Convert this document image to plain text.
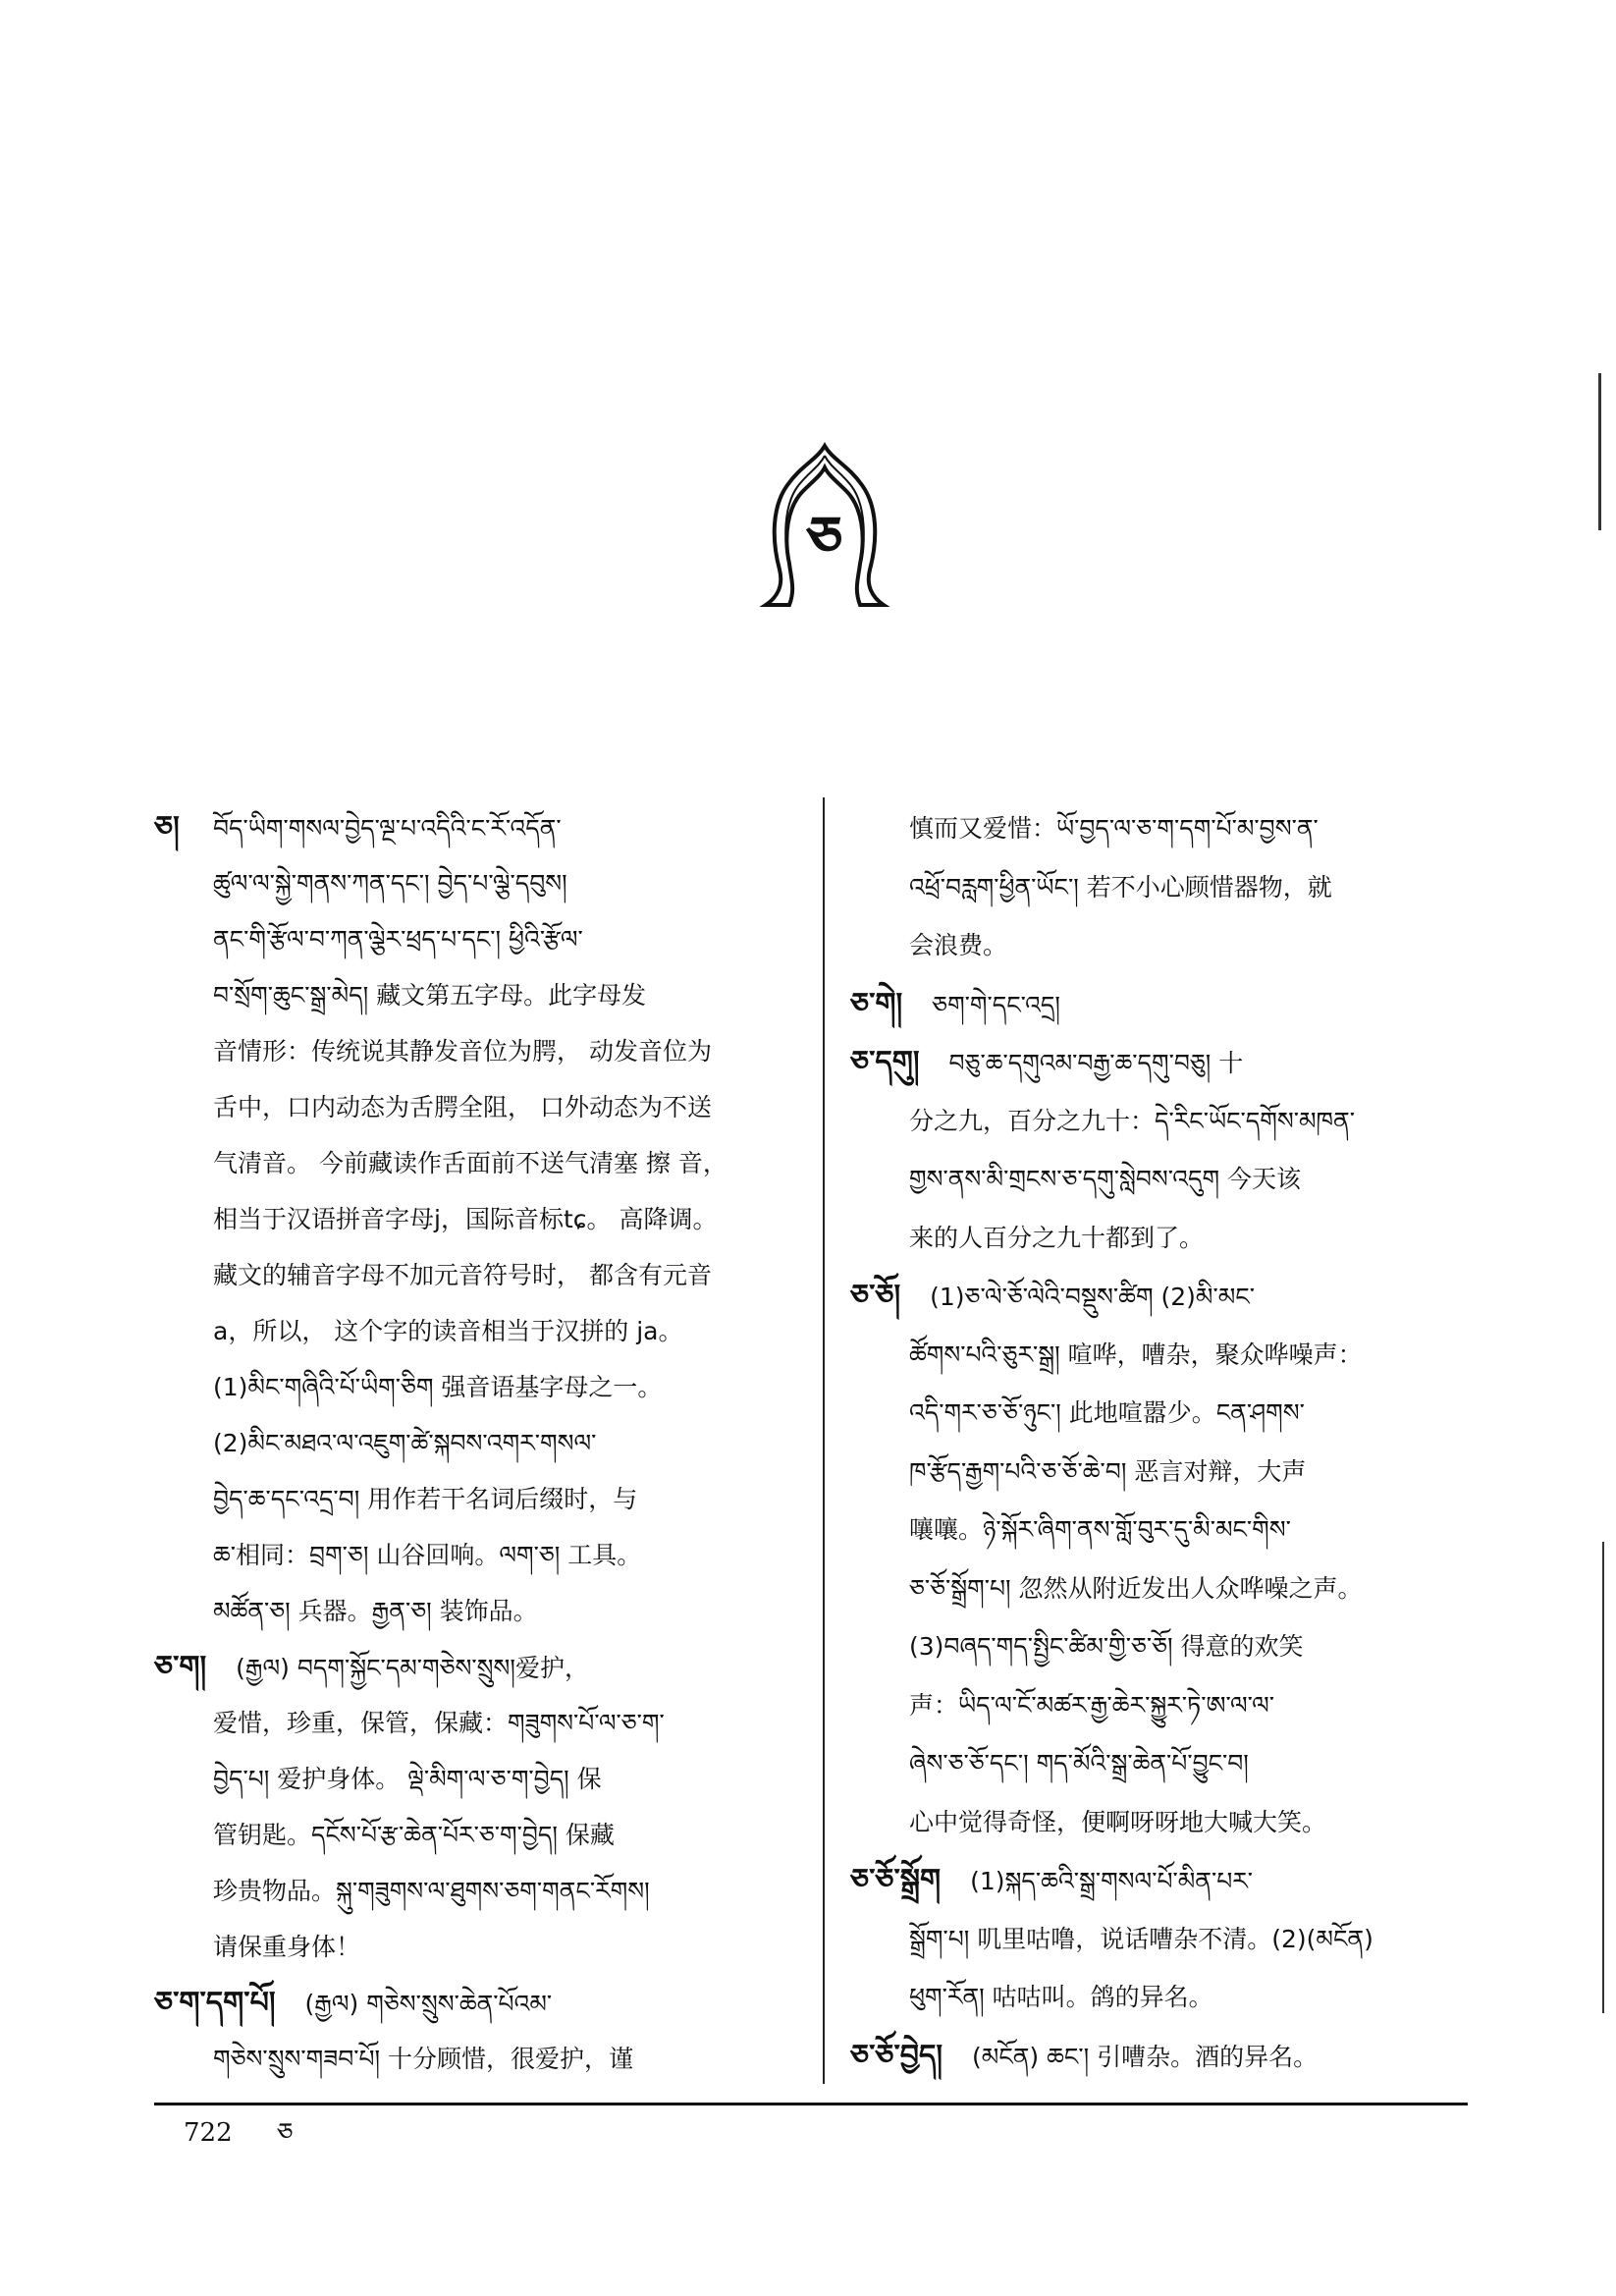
ཅ
ཅ། བོད་ཡིག་གསལ་བྱེད་ལྔ་པ་འདིའི་ང་རོ་འདོན་
ཚུལ་ལ་སྐྱེ་གནས་ཀན་དང་། བྱེད་པ་ལྕེ་དབུས།
ནང་གི་རྩོལ་བ་ཀན་ལྕེར་ཕྲད་པ་དང་། ཕྱིའི་རྩོལ་
བ་སྲོག་ཆུང་སྒྲ་མེད། 藏文第五字母。此字母发
音情形：传统说其静发音位为腭， 动发音位为
舌中，口内动态为舌腭全阻， 口外动态为不送
气清音。 今前藏读作舌面前不送气清塞 擦 音，
相当于汉语拼音字母j，国际音标tɕ。 高降调。
藏文的辅音字母不加元音符号时， 都含有元音
a，所以， 这个字的读音相当于汉拼的 ja。
(1)མིང་གཞིའི་པོ་ཡིག་ཅིག 强音语基字母之一。
(2)མིང་མཐའ་ལ་འཇུག་ཚེ་སྐབས་འགར་གསལ་
བྱེད་ཆ་དང་འདྲ་བ། 用作若干名词后缀时，与
ཆ་相同：བྲག་ཅ། 山谷回响。ལག་ཅ། 工具。
མཚོན་ཅ། 兵器。རྒྱན་ཅ། 装饰品。
ཅ་ག། (རྒྱལ) བདག་སྐྱོང་དམ་གཅེས་སྲུས།爱护，
爱惜，珍重，保管，保藏：གཟུགས་པོ་ལ་ཅ་ག་
བྱེད་པ། 爱护身体。 ལྡེ་མིག་ལ་ཅ་ག་བྱེད། 保
管钥匙。དངོས་པོ་རྩ་ཆེན་པོར་ཅ་ག་བྱེད། 保藏
珍贵物品。སྐུ་གཟུགས་ལ་ཐུགས་ཅག་གནང་རོགས།
请保重身体！
ཅ་ག་དག་པོ། (རྒྱལ) གཅེས་སྲུས་ཆེན་པོའམ་
གཅེས་སྲུས་གཟབ་པོ། 十分顾惜，很爱护，谨
慎而又爱惜：ཡོ་བྱད་ལ་ཅ་ག་དག་པོ་མ་བྱས་ན་
འཕྲོ་བརླག་ཕྱིན་ཡོང་། 若不小心顾惜器物，就
会浪费。
ཅ་གེ། ཅག་གེ་དང་འདྲ།
ཅ་དགུ། བཅུ་ཆ་དགུའམ་བརྒྱ་ཆ་དགུ་བཅུ། 十
分之九，百分之九十：དེ་རིང་ཡོང་དགོས་མཁན་
གྱས་ནས་མི་གྲངས་ཅ་དགུ་སླེབས་འདུག 今天该
来的人百分之九十都到了。
ཅ་ཅོ། (1)ཅ་ལེ་ཅོ་ལེའི་བསྡུས་ཚིག (2)མི་མང་
ཚོགས་པའི་ཅུར་སྒྲ། 喧哗，嘈杂，聚众哗噪声：
འདི་གར་ཅ་ཅོ་ཉུང་། 此地喧嚣少。ངན་ཤགས་
ཁ་རྩོད་རྒྱག་པའི་ཅ་ཅོ་ཆེ་བ། 恶言对辩，大声
嚷嚷。ཉེ་སྐོར་ཞིག་ནས་གློ་བུར་དུ་མི་མང་གིས་
ཅ་ཅོ་སྒྲོག་པ། 忽然从附近发出人众哗噪之声。
(3)བཞད་གད་སྤྱིང་ཚིམ་གྱི་ཅ་ཅོ། 得意的欢笑
声：ཡིད་ལ་ངོ་མཚར་རྒྱ་ཆེར་སྐྱུར་ཏེ་ཨ་ལ་ལ་
ཞེས་ཅ་ཅོ་དང་། གད་མོའི་སྒྲ་ཆེན་པོ་བྱུང་བ།
心中觉得奇怪，便啊呀呀地大喊大笑。
ཅ་ཅོ་སྒྲོག (1)སྐད་ཆའི་སྒྲ་གསལ་པོ་མིན་པར་
སྒྲོག་པ། 叽里咕噜，说话嘈杂不清。(2)(མངོན)
ཕུག་རོན། 咕咕叫。鸽的异名。
ཅ་ཅོ་བྱེད། (མངོན) ཆང་། 引嘈杂。酒的异名。
722 ཅ
